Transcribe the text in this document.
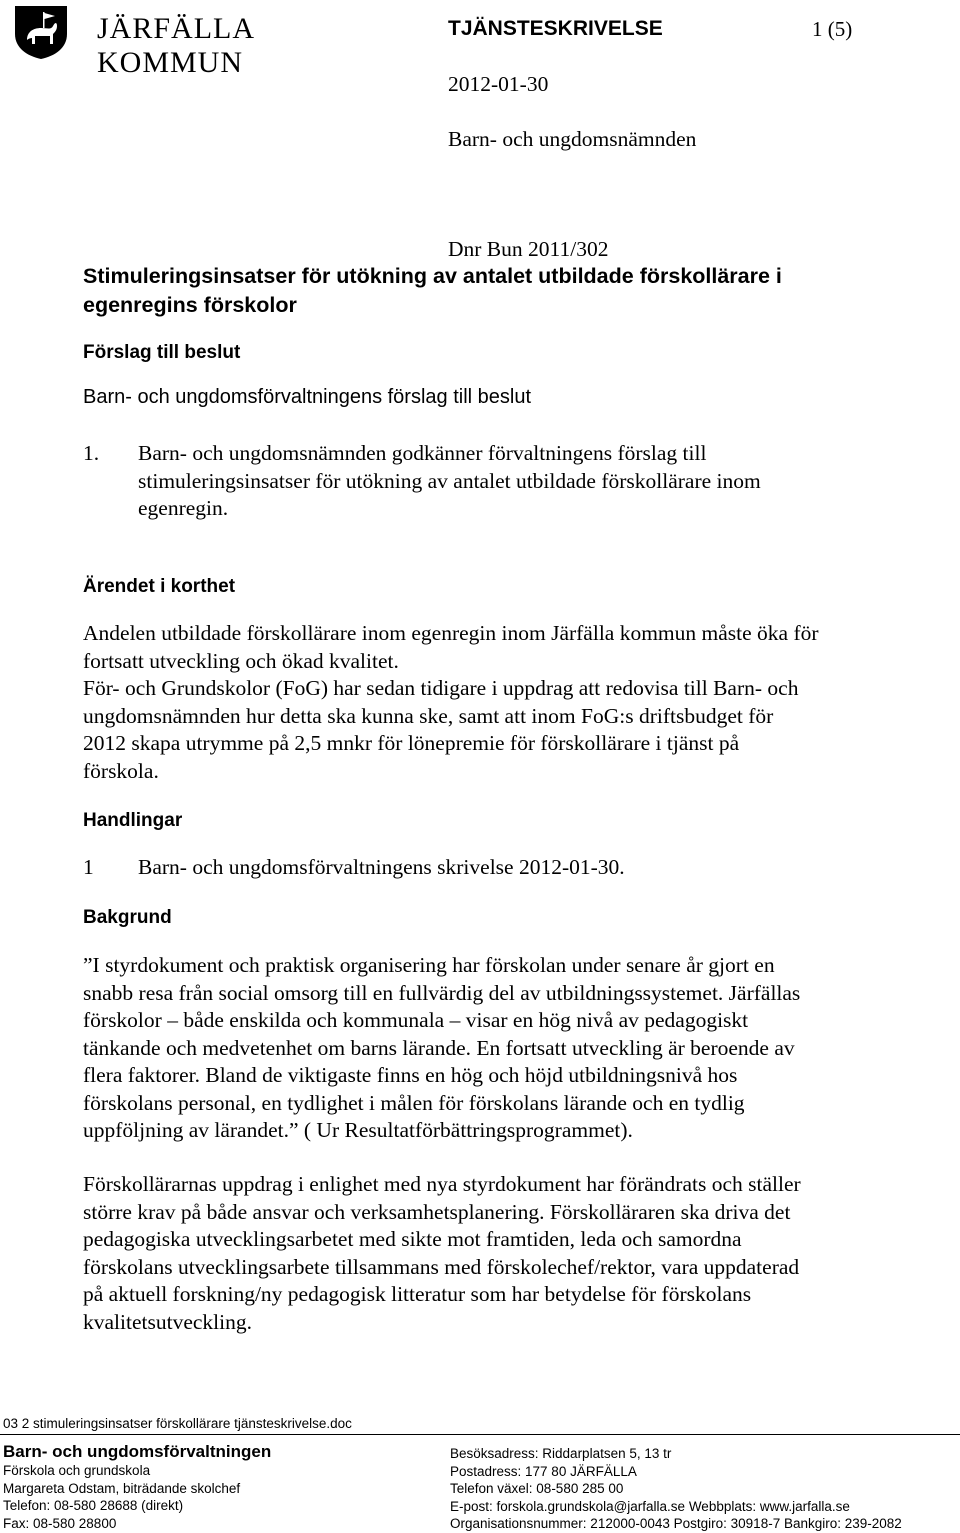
JÄRFÄLLA KOMMUN
TJÄNSTESKRIVELSE	1 (5)
2012-01-30
Barn- och ungdomsnämnden
Dnr Bun 2011/302
Stimuleringsinsatser för utökning av antalet utbildade förskollärare i
egenregins förskolor
Förslag till beslut
Barn- och ungdomsförvaltningens förslag till beslut
1. Barn- och ungdomsnämnden godkänner förvaltningens förslag till
stimuleringsinsatser för utökning av antalet utbildade förskollärare inom
egenregin.
Ärendet i korthet
Andelen utbildade förskollärare inom egenregin inom Järfälla kommun måste öka för
fortsatt utveckling och ökad kvalitet.
För- och Grundskolor (FoG) har sedan tidigare i uppdrag att redovisa till Barn- och
ungdomsnämnden hur detta ska kunna ske, samt att inom FoG:s driftsbudget för
2012 skapa utrymme på 2,5 mnkr för lönepremie för förskollärare i tjänst på
förskola.
Handlingar
1 Barn- och ungdomsförvaltningens skrivelse 2012-01-30.
Bakgrund
”I styrdokument och praktisk organisering har förskolan under senare år gjort en
snabb resa från social omsorg till en fullvärdig del av utbildningssystemet. Järfällas
förskolor – både enskilda och kommunala – visar en hög nivå av pedagogiskt
tänkande och medvetenhet om barns lärande. En fortsatt utveckling är beroende av
flera faktorer. Bland de viktigaste finns en hög och höjd utbildningsnivå hos
förskolans personal, en tydlighet i målen för förskolans lärande och en tydlig
uppföljning av lärandet.” ( Ur Resultatförbättringsprogrammet).
Förskollärarnas uppdrag i enlighet med nya styrdokument har förändrats och ställer
större krav på både ansvar och verksamhetsplanering. Förskolläraren ska driva det
pedagogiska utvecklingsarbetet med sikte mot framtiden, leda och samordna
förskolans utvecklingsarbete tillsammans med förskolechef/rektor, vara uppdaterad
på aktuell forskning/ny pedagogisk litteratur som har betydelse för förskolans
kvalitetsutveckling.
03 2 stimuleringsinsatser förskollärare tjänsteskrivelse.doc
Barn- och ungdomsförvaltningen
Förskola och grundskola
Margareta Odstam, biträdande skolchef
Telefon: 08-580 28688 (direkt)
Fax: 08-580 28800
Besöksadress: Riddarplatsen 5, 13 tr
Postadress: 177 80 JÄRFÄLLA
Telefon växel: 08-580 285 00
E-post: forskola.grundskola@jarfalla.se Webbplats: www.jarfalla.se
Organisationsnummer: 212000-0043 Postgiro: 30918-7 Bankgiro: 239-2082
